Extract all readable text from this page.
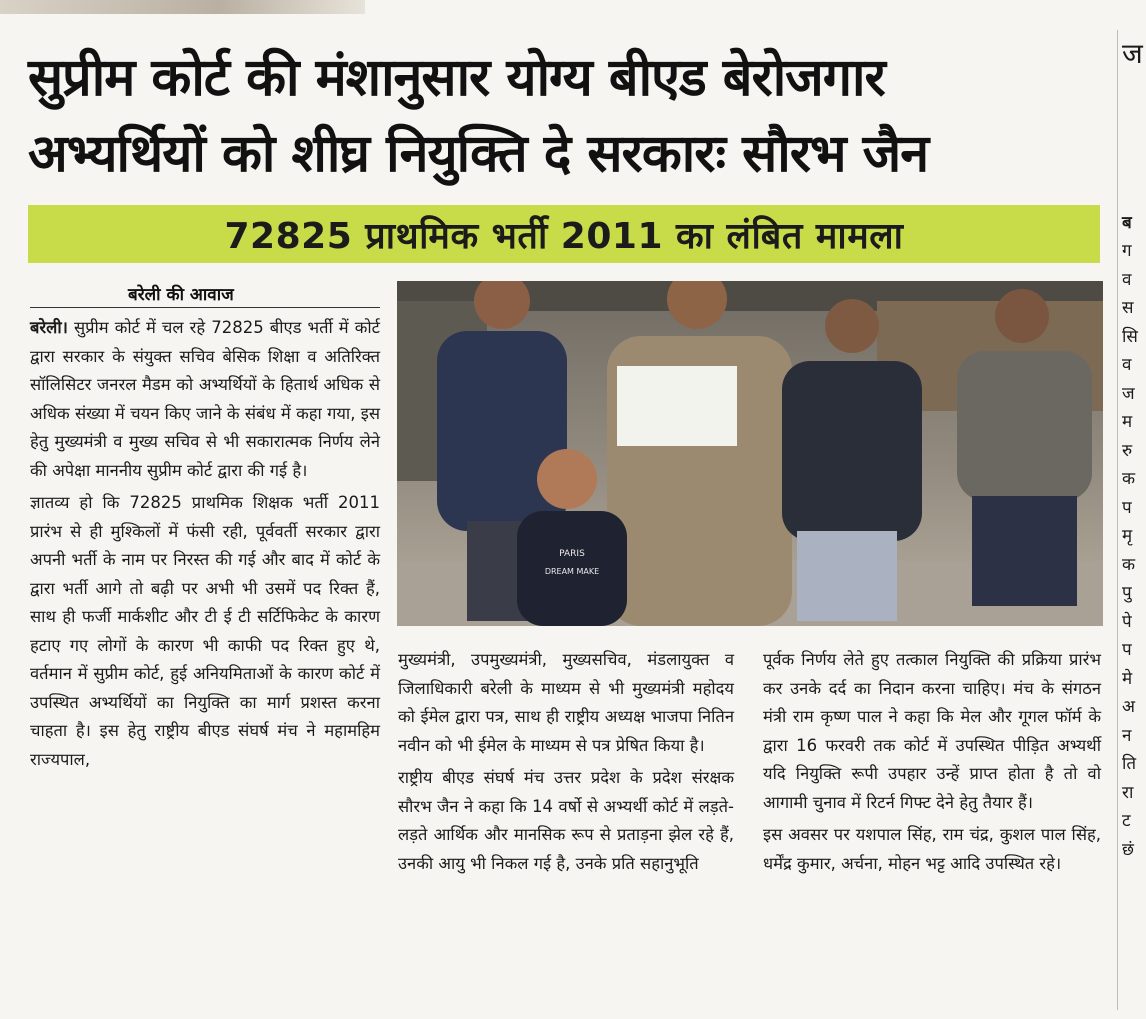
सुप्रीम कोर्ट की मंशानुसार योग्य बीएड बेरोजगार
अभ्यर्थियों को शीघ्र नियुक्ति दे सरकारः सौरभ जैन
72825 प्राथमिक भर्ती 2011 का लंबित मामला
बरेली की आवाज

बरेली। सुप्रीम कोर्ट में चल रहे 72825 बीएड भर्ती में कोर्ट द्वारा सरकार के संयुक्त सचिव बेसिक शिक्षा व अतिरिक्त सॉलिसिटर जनरल मैडम को अभ्यर्थियों के हितार्थ अधिक से अधिक संख्या में चयन किए जाने के संबंध में कहा गया, इस हेतु मुख्यमंत्री व मुख्य सचिव से भी सकारात्मक निर्णय लेने की अपेक्षा माननीय सुप्रीम कोर्ट द्वारा की गई है।

ज्ञातव्य हो कि 72825 प्राथमिक शिक्षक भर्ती 2011 प्रारंभ से ही मुश्किलों में फंसी रही, पूर्ववर्ती सरकार द्वारा अपनी भर्ती के नाम पर निरस्त की गई और बाद में कोर्ट के द्वारा भर्ती आगे तो बढ़ी पर अभी भी उसमें पद रिक्त हैं, साथ ही फर्जी मार्कशीट और टी ई टी सर्टिफिकेट के कारण हटाए गए लोगों के कारण भी काफी पद रिक्त हुए थे, वर्तमान में सुप्रीम कोर्ट, हुई अनियमिताओं के कारण कोर्ट में उपस्थित अभ्यर्थियों का नियुक्ति का मार्ग प्रशस्त करना चाहता है। इस हेतु राष्ट्रीय बीएड संघर्ष मंच ने महामहिम राज्यपाल,

PARIS
DREAM MAKE

मुख्यमंत्री, उपमुख्यमंत्री, मुख्यसचिव, मंडलायुक्त व जिलाधिकारी बरेली के माध्यम से भी मुख्यमंत्री महोदय को ईमेल द्वारा पत्र, साथ ही राष्ट्रीय अध्यक्ष भाजपा नितिन नवीन को भी ईमेल के माध्यम से पत्र प्रेषित किया है।

राष्ट्रीय बीएड संघर्ष मंच उत्तर प्रदेश के प्रदेश संरक्षक सौरभ जैन ने कहा कि 14 वर्षो से अभ्यर्थी कोर्ट में लड़ते-लड़ते आर्थिक और मानसिक रूप से प्रताड़ना झेल रहे हैं, उनकी आयु भी निकल गई है, उनके प्रति सहानुभूति

पूर्वक निर्णय लेते हुए तत्काल नियुक्ति की प्रक्रिया प्रारंभ कर उनके दर्द का निदान करना चाहिए। मंच के संगठन मंत्री राम कृष्ण पाल ने कहा कि मेल और गूगल फॉर्म के द्वारा 16 फरवरी तक कोर्ट में उपस्थित पीड़ित अभ्यर्थी यदि नियुक्ति रूपी उपहार उन्हें प्राप्त होता है तो वो आगामी चुनाव में रिटर्न गिफ्ट देने हेतु तैयार हैं।

इस अवसर पर यशपाल सिंह, राम चंद्र, कुशल पाल सिंह, धर्मेंद्र कुमार, अर्चना, मोहन भट्ट आदि उपस्थित रहे।

ज
ब
ग
व
स
सि
व
ज
म
रु
क
प
मृ
क
पु
पे
प
मे
अ
न
ति
रा
ट
छं
